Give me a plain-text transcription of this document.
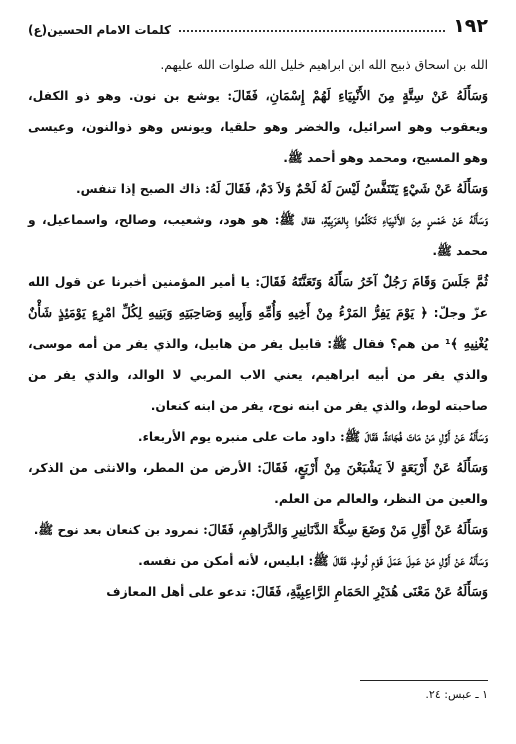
١٩٢
كلمات الامام الحسين(ع)

الله بن اسحاق ذبيح الله ابن ابراهيم خليل الله صلوات الله عليهم.

وَسَأَلَهُ عَنْ سِتَّةٍ مِنَ الأَنْبِيَاءِ لَهُمْ إِسْمَانِ، فَقَالَ: يوشع بن نون. وهو ذو الكفل، ويعقوب وهو اسرائيل، والخضر وهو حلقيا، ويونس وهو ذوالنون، وعيسى وهو المسيح، ومحمد وهو أحمد ﷺ.

وَسَأَلَهُ عَنْ شَيْءٍ يَتَنَفَّسُ لَيْسَ لَهُ لَحْمٌ وَلاَ دَمٌ، فَقَالَ لَهُ: ذاك الصبح إذا تنفس.

وَسَأَلَهُ عَنْ خَمْسٍ مِنَ الأَنْبِيَاءِ تَكَلَّمُوا بِالعَرَبِيَّةِ، فقال ﷺ: هو هود، وشعيب، وصالح، واسماعيل، و محمد ﷺ.

ثُمَّ جَلَسَ وَقَامَ رَجُلٌ آخَرُ سَأَلَهُ وَتَعَنَّتَهُ فَقَالَ: يا أمير المؤمنين أخبرنا عن قول الله عزّ وجلّ: ﴿ يَوْمَ يَفِرُّ المَرْءُ مِنْ أَخِيهِ وَأُمِّهِ وَأَبِيهِ وَصَاحِبَتِهِ وَبَنِيهِ لِكُلِّ امْرِءٍ يَوْمَئِذٍ شَأْنٌ يُغْنِيهِ ﴾¹ من هم؟ فقال ﷺ: قابيل يفر من هابيل، والذي يفر من أمه موسى، والذي يفر من أبيه ابراهيم، يعني الاب المربي لا الوالد، والذي يفر من صاحبته لوط، والذي يفر من ابنه نوح، يفر من ابنه كنعان.

وَسَأَلَهُ عَنْ أَوَّلِ مَنْ مَاتَ فُجَاءَةً، فَقَالَ ﷺ: داود مات على منبره يوم الأربعاء.

وَسَأَلَهُ عَنْ أَرْبَعَةٍ لاَ يَشْبَعْنَ مِنْ أَرْبَعٍ، فَقَالَ: الأرض من المطر، والانثى من الذكر، والعين من النظر، والعالم من العلم.

وَسَأَلَهُ عَنْ أَوَّلِ مَنْ وَضَعَ سِكَّةَ الدَّنَانِيرِ وَالدَّرَاهِمِ، فَقَالَ: نمرود بن كنعان بعد نوح ﷺ.

وَسَأَلَهُ عَنْ أَوَّلِ مَنْ عَمِلَ عَمَلَ قَوْمِ لُوطٍ، فَقَالَ ﷺ: ابليس، لأنه أمكن من نفسه.

وَسَأَلَهُ عَنْ مَعْنَى هُدَيْرِ الحَمَامِ الرَّاعِبِيَّةِ، فَقَالَ: تدعو على أهل المعازف

١ ـ عبس: ٢٤.
